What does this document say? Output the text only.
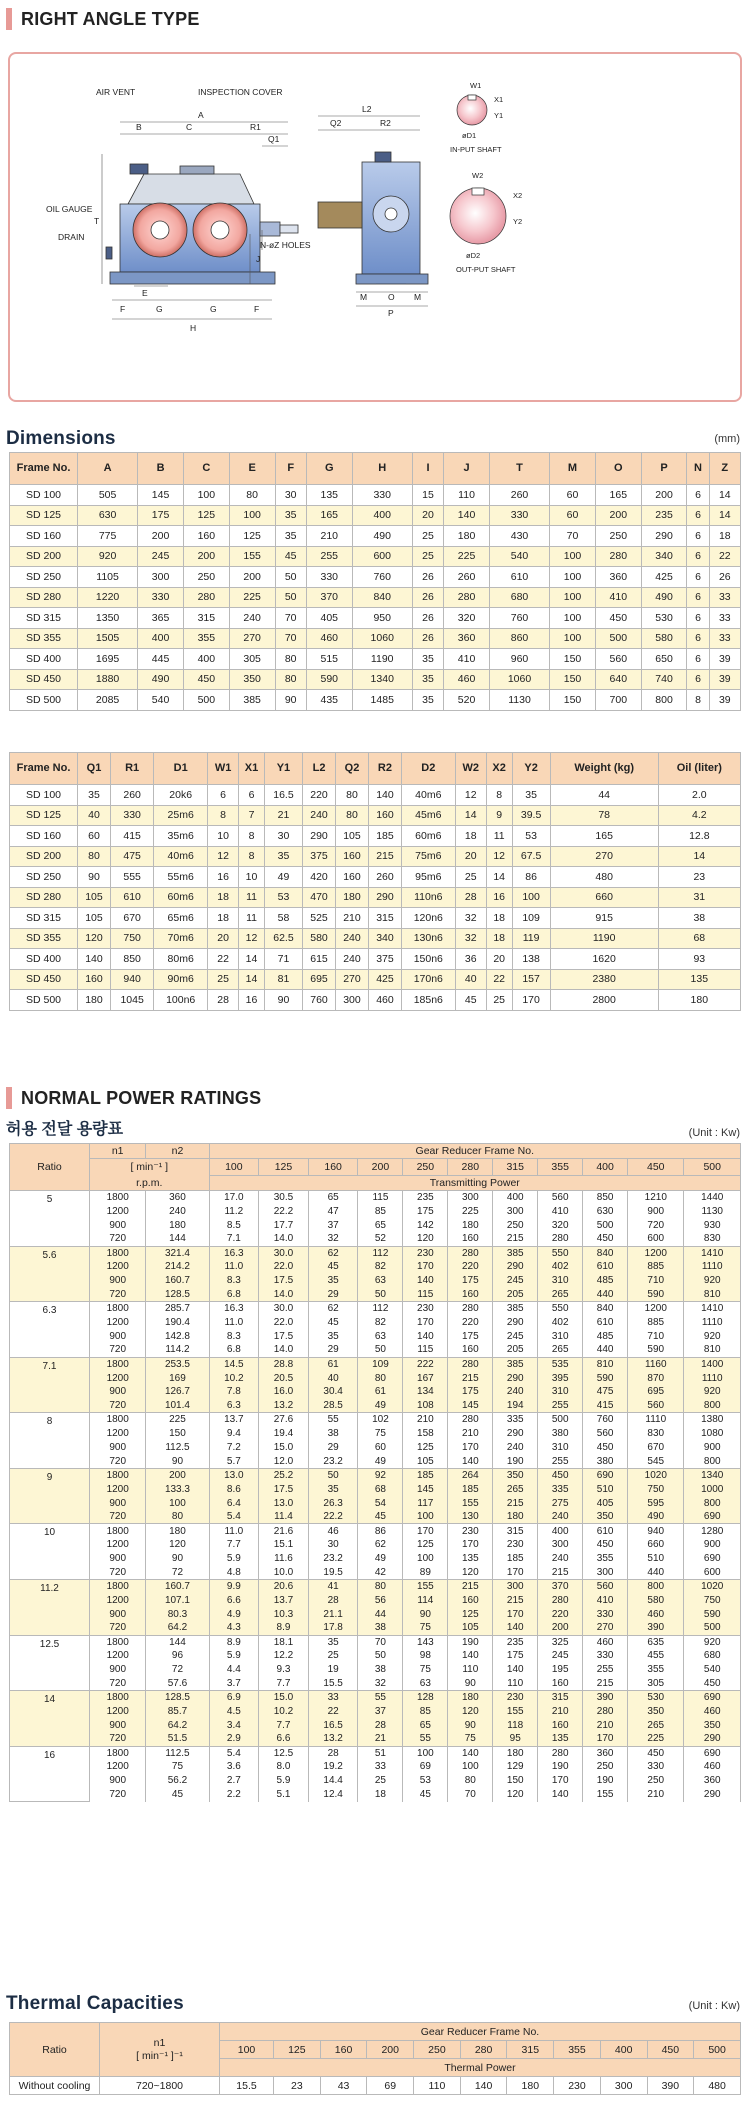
RIGHT ANGLE TYPE
AIR VENT	INSPECTION COVER
OIL GAUGE
DRAIN
N-øZ HOLES
A
B	C	R1
Q1
T
J
E
F	G	G	F
H
L2
Q2	R2
M	M
O
P
W1
X1
Y1
øD1
IN-PUT SHAFT
W2
X2
Y2
øD2
OUT-PUT SHAFT
Dimensions	(mm)
Frame No.	A	B	C	E	F	G	H	I	J	T	M	O	P	N	Z
SD 100	505	145	100	80	30	135	330	15	110	260	60	165	200	6	14
SD 125	630	175	125	100	35	165	400	20	140	330	60	200	235	6	14
SD 160	775	200	160	125	35	210	490	25	180	430	70	250	290	6	18
SD 200	920	245	200	155	45	255	600	25	225	540	100	280	340	6	22
SD 250	1105	300	250	200	50	330	760	26	260	610	100	360	425	6	26
SD 280	1220	330	280	225	50	370	840	26	280	680	100	410	490	6	33
SD 315	1350	365	315	240	70	405	950	26	320	760	100	450	530	6	33
SD 355	1505	400	355	270	70	460	1060	26	360	860	100	500	580	6	33
SD 400	1695	445	400	305	80	515	1190	35	410	960	150	560	650	6	39
SD 450	1880	490	450	350	80	590	1340	35	460	1060	150	640	740	6	39
SD 500	2085	540	500	385	90	435	1485	35	520	1130	150	700	800	8	39
Frame No.	Q1	R1	D1	W1	X1	Y1	L2	Q2	R2	D2	W2	X2	Y2	Weight (kg)	Oil (liter)
SD 100	35	260	20k6	6	6	16.5	220	80	140	40m6	12	8	35	44	2.0
SD 125	40	330	25m6	8	7	21	240	80	160	45m6	14	9	39.5	78	4.2
SD 160	60	415	35m6	10	8	30	290	105	185	60m6	18	11	53	165	12.8
SD 200	80	475	40m6	12	8	35	375	160	215	75m6	20	12	67.5	270	14
SD 250	90	555	55m6	16	10	49	420	160	260	95m6	25	14	86	480	23
SD 280	105	610	60m6	18	11	53	470	180	290	110n6	28	16	100	660	31
SD 315	105	670	65m6	18	11	58	525	210	315	120n6	32	18	109	915	38
SD 355	120	750	70m6	20	12	62.5	580	240	340	130n6	32	18	119	1190	68
SD 400	140	850	80m6	22	14	71	615	240	375	150n6	36	20	138	1620	93
SD 450	160	940	90m6	25	14	81	695	270	425	170n6	40	22	157	2380	135
SD 500	180	1045	100n6	28	16	90	760	300	460	185n6	45	25	170	2800	180
NORMAL POWER RATINGS
허용 전달 용량표	(Unit : Kw)
Ratio	n1	n2	Gear Reducer Frame No.										
	[ min⁻¹ ]		100	125	160	200	250	280	315	355	400	450	500
	r.p.m.		Transmitting Power										
5	1800	360	17.0	30.5	65	115	235	300	400	560	850	1210	1440
	1200	240	11.2	22.2	47	85	175	225	300	410	630	900	1130
	900	180	8.5	17.7	37	65	142	180	250	320	500	720	930
	720	144	7.1	14.0	32	52	120	160	215	280	450	600	830
5.6	1800	321.4	16.3	30.0	62	112	230	280	385	550	840	1200	1410
	1200	214.2	11.0	22.0	45	82	170	220	290	402	610	885	1110
	900	160.7	8.3	17.5	35	63	140	175	245	310	485	710	920
	720	128.5	6.8	14.0	29	50	115	160	205	265	440	590	810
6.3	1800	285.7	16.3	30.0	62	112	230	280	385	550	840	1200	1410
	1200	190.4	11.0	22.0	45	82	170	220	290	402	610	885	1110
	900	142.8	8.3	17.5	35	63	140	175	245	310	485	710	920
	720	114.2	6.8	14.0	29	50	115	160	205	265	440	590	810
7.1	1800	253.5	14.5	28.8	61	109	222	280	385	535	810	1160	1400
	1200	169	10.2	20.5	40	80	167	215	290	395	590	870	1110
	900	126.7	7.8	16.0	30.4	61	134	175	240	310	475	695	920
	720	101.4	6.3	13.2	28.5	49	108	145	194	255	415	560	800
8	1800	225	13.7	27.6	55	102	210	280	335	500	760	1110	1380
	1200	150	9.4	19.4	38	75	158	210	290	380	560	830	1080
	900	112.5	7.2	15.0	29	60	125	170	240	310	450	670	900
	720	90	5.7	12.0	23.2	49	105	140	190	255	380	545	800
9	1800	200	13.0	25.2	50	92	185	264	350	450	690	1020	1340
	1200	133.3	8.6	17.5	35	68	145	185	265	335	510	750	1000
	900	100	6.4	13.0	26.3	54	117	155	215	275	405	595	800
	720	80	5.4	11.4	22.2	45	100	130	180	240	350	490	690
10	1800	180	11.0	21.6	46	86	170	230	315	400	610	940	1280
	1200	120	7.7	15.1	30	62	125	170	230	300	450	660	900
	900	90	5.9	11.6	23.2	49	100	135	185	240	355	510	690
	720	72	4.8	10.0	19.5	42	89	120	170	215	300	440	600
11.2	1800	160.7	9.9	20.6	41	80	155	215	300	370	560	800	1020
	1200	107.1	6.6	13.7	28	56	114	160	215	280	410	580	750
	900	80.3	4.9	10.3	21.1	44	90	125	170	220	330	460	590
	720	64.2	4.3	8.9	17.8	38	75	105	140	200	270	390	500
12.5	1800	144	8.9	18.1	35	70	143	190	235	325	460	635	920
	1200	96	5.9	12.2	25	50	98	140	175	245	330	455	680
	900	72	4.4	9.3	19	38	75	110	140	195	255	355	540
	720	57.6	3.7	7.7	15.5	32	63	90	110	160	215	305	450
14	1800	128.5	6.9	15.0	33	55	128	180	230	315	390	530	690
	1200	85.7	4.5	10.2	22	37	85	120	155	210	280	350	460
	900	64.2	3.4	7.7	16.5	28	65	90	118	160	210	265	350
	720	51.5	2.9	6.6	13.2	21	55	75	95	135	170	225	290
16	1800	112.5	5.4	12.5	28	51	100	140	180	280	360	450	690
	1200	75	3.6	8.0	19.2	33	69	100	129	190	250	330	460
	900	56.2	2.7	5.9	14.4	25	53	80	150	170	190	250	360
	720	45	2.2	5.1	12.4	18	45	70	120	140	155	210	290
Thermal Capacities	(Unit : Kw)
Ratio	n1
[ min⁻¹ ]⁻¹	Gear Reducer Frame No.										
		100	125	160	200	250	280	315	355	400	450	500
		Thermal Power										
Without cooling	720~1800	15.5	23	43	69	110	140	180	230	300	390	480
